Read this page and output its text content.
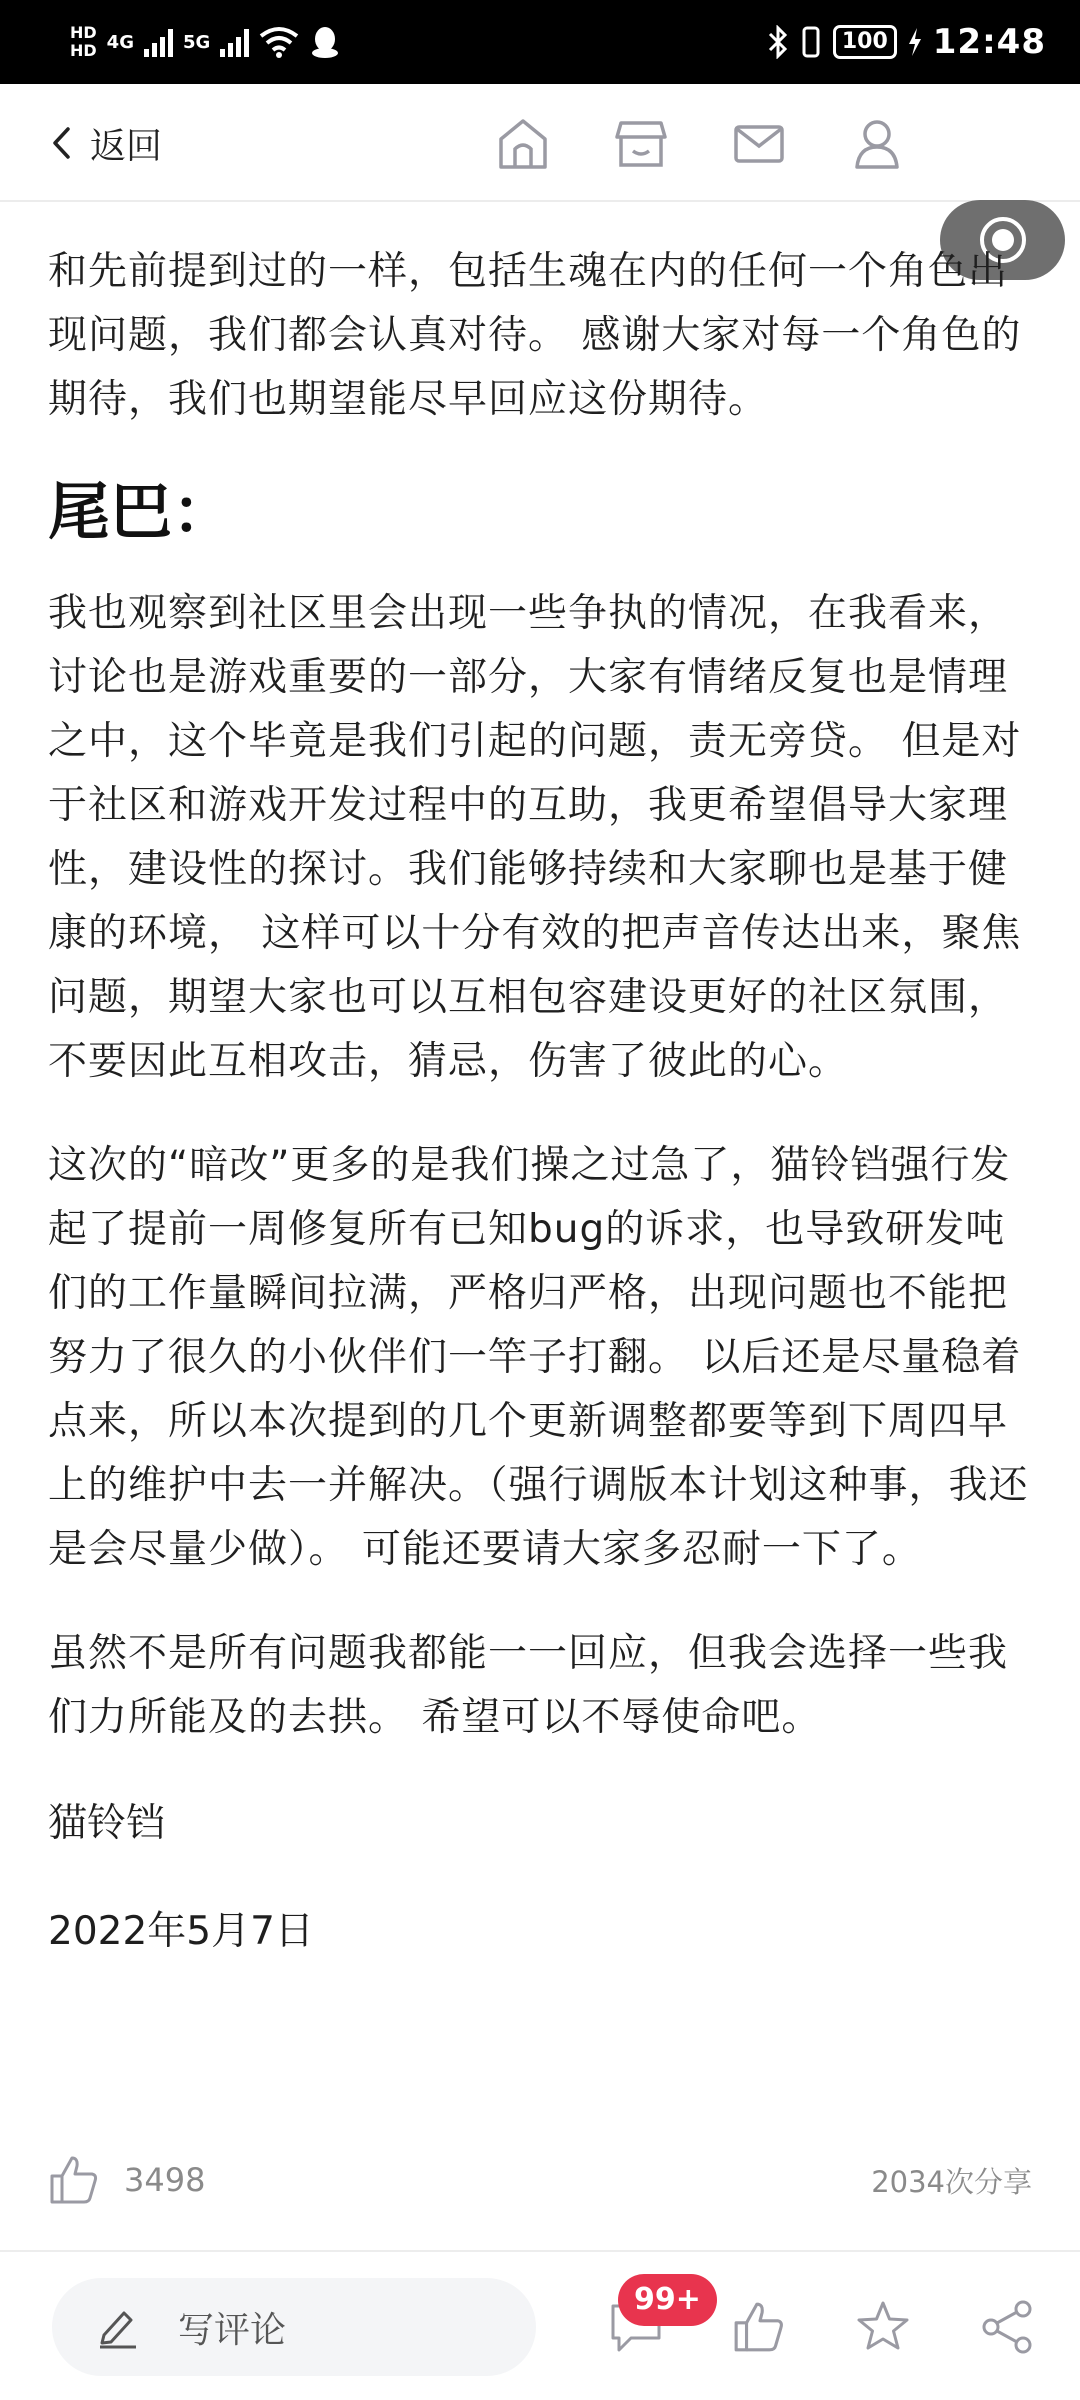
HD
HD 4G	5G	100 12:48
返回

和先前提到过的一样，包括生魂在内的任何一个角色出现问题，我们都会认真对待。 感谢大家对每一个角色的期待，我们也期望能尽早回应这份期待。

尾巴：

我也观察到社区里会出现一些争执的情况，在我看来，讨论也是游戏重要的一部分，大家有情绪反复也是情理之中，这个毕竟是我们引起的问题，责无旁贷。 但是对于社区和游戏开发过程中的互助，我更希望倡导大家理性，建设性的探讨。我们能够持续和大家聊也是基于健康的环境， 这样可以十分有效的把声音传达出来，聚焦问题，期望大家也可以互相包容建设更好的社区氛围，不要因此互相攻击，猜忌，伤害了彼此的心。

这次的“暗改”更多的是我们操之过急了，猫铃铛强行发起了提前一周修复所有已知bug的诉求，也导致研发吨们的工作量瞬间拉满，严格归严格，出现问题也不能把努力了很久的小伙伴们一竿子打翻。 以后还是尽量稳着点来，所以本次提到的几个更新调整都要等到下周四早上的维护中去一并解决。（强行调版本计划这种事，我还是会尽量少做）。 可能还要请大家多忍耐一下了。

虽然不是所有问题我都能一一回应，但我会选择一些我们力所能及的去拱。 希望可以不辱使命吧。

猫铃铛

2022年5月7日

3498	2034次分享
写评论
99+
